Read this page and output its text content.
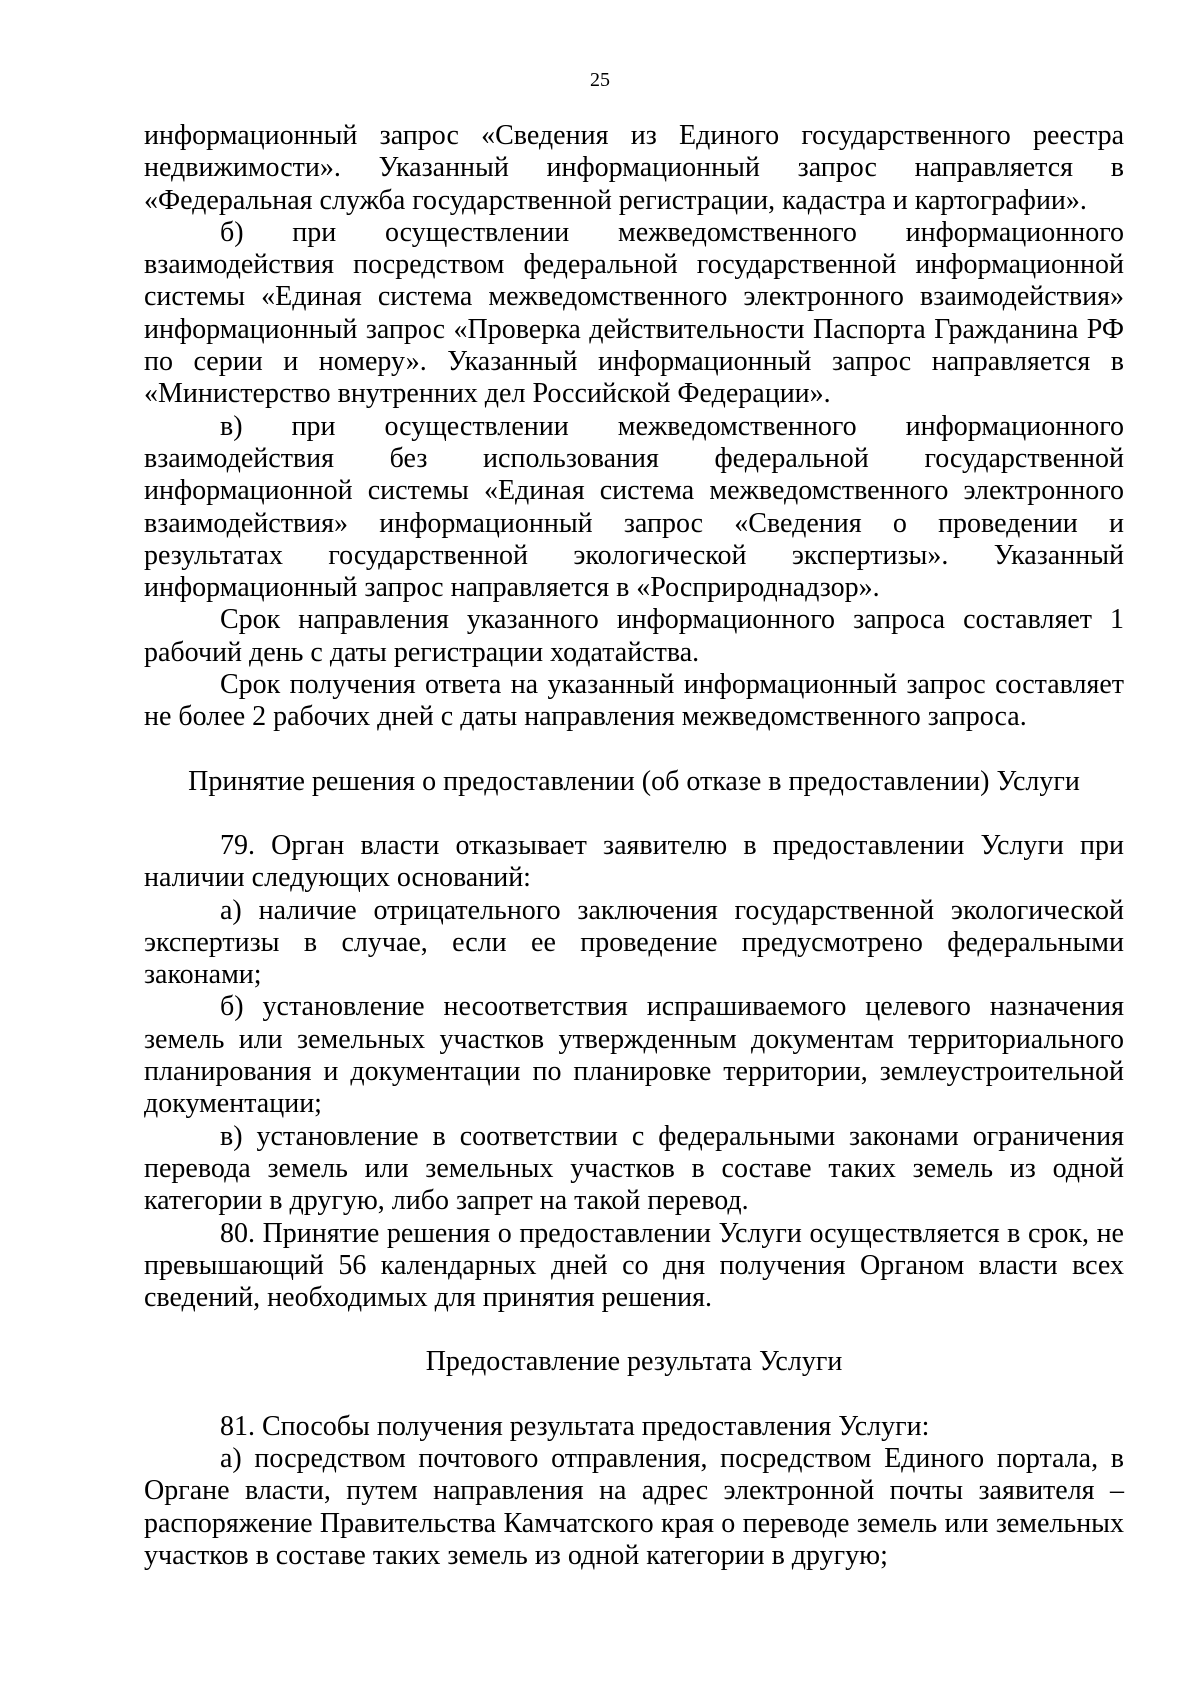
25

информационный запрос «Сведения из Единого государственного реестра недвижимости». Указанный информационный запрос направляется в «Федеральная служба государственной регистрации, кадастра и картографии».

б) при осуществлении межведомственного информационного взаимодействия посредством федеральной государственной информационной системы «Единая система межведомственного электронного взаимодействия» информационный запрос «Проверка действительности Паспорта Гражданина РФ по серии и номеру». Указанный информационный запрос направляется в «Министерство внутренних дел Российской Федерации».

в) при осуществлении межведомственного информационного взаимодействия без использования федеральной государственной информационной системы «Единая система межведомственного электронного взаимодействия» информационный запрос «Сведения о проведении и результатах государственной экологической экспертизы». Указанный информационный запрос направляется в «Росприроднадзор».

Срок направления указанного информационного запроса составляет 1 рабочий день с даты регистрации ходатайства.

Срок получения ответа на указанный информационный запрос составляет не более 2 рабочих дней с даты направления межведомственного запроса.

Принятие решения о предоставлении (об отказе в предоставлении) Услуги

79. Орган власти отказывает заявителю в предоставлении Услуги при наличии следующих оснований:

а) наличие отрицательного заключения государственной экологической экспертизы в случае, если ее проведение предусмотрено федеральными законами;

б) установление несоответствия испрашиваемого целевого назначения земель или земельных участков утвержденным документам территориального планирования и документации по планировке территории, землеустроительной документации;

в) установление в соответствии с федеральными законами ограничения перевода земель или земельных участков в составе таких земель из одной категории в другую, либо запрет на такой перевод.

80. Принятие решения о предоставлении Услуги осуществляется в срок, не превышающий 56 календарных дней со дня получения Органом власти всех сведений, необходимых для принятия решения.

Предоставление результата Услуги

81. Способы получения результата предоставления Услуги:

а) посредством почтового отправления, посредством Единого портала, в Органе власти, путем направления на адрес электронной почты заявителя – распоряжение Правительства Камчатского края о переводе земель или земельных участков в составе таких земель из одной категории в другую;
